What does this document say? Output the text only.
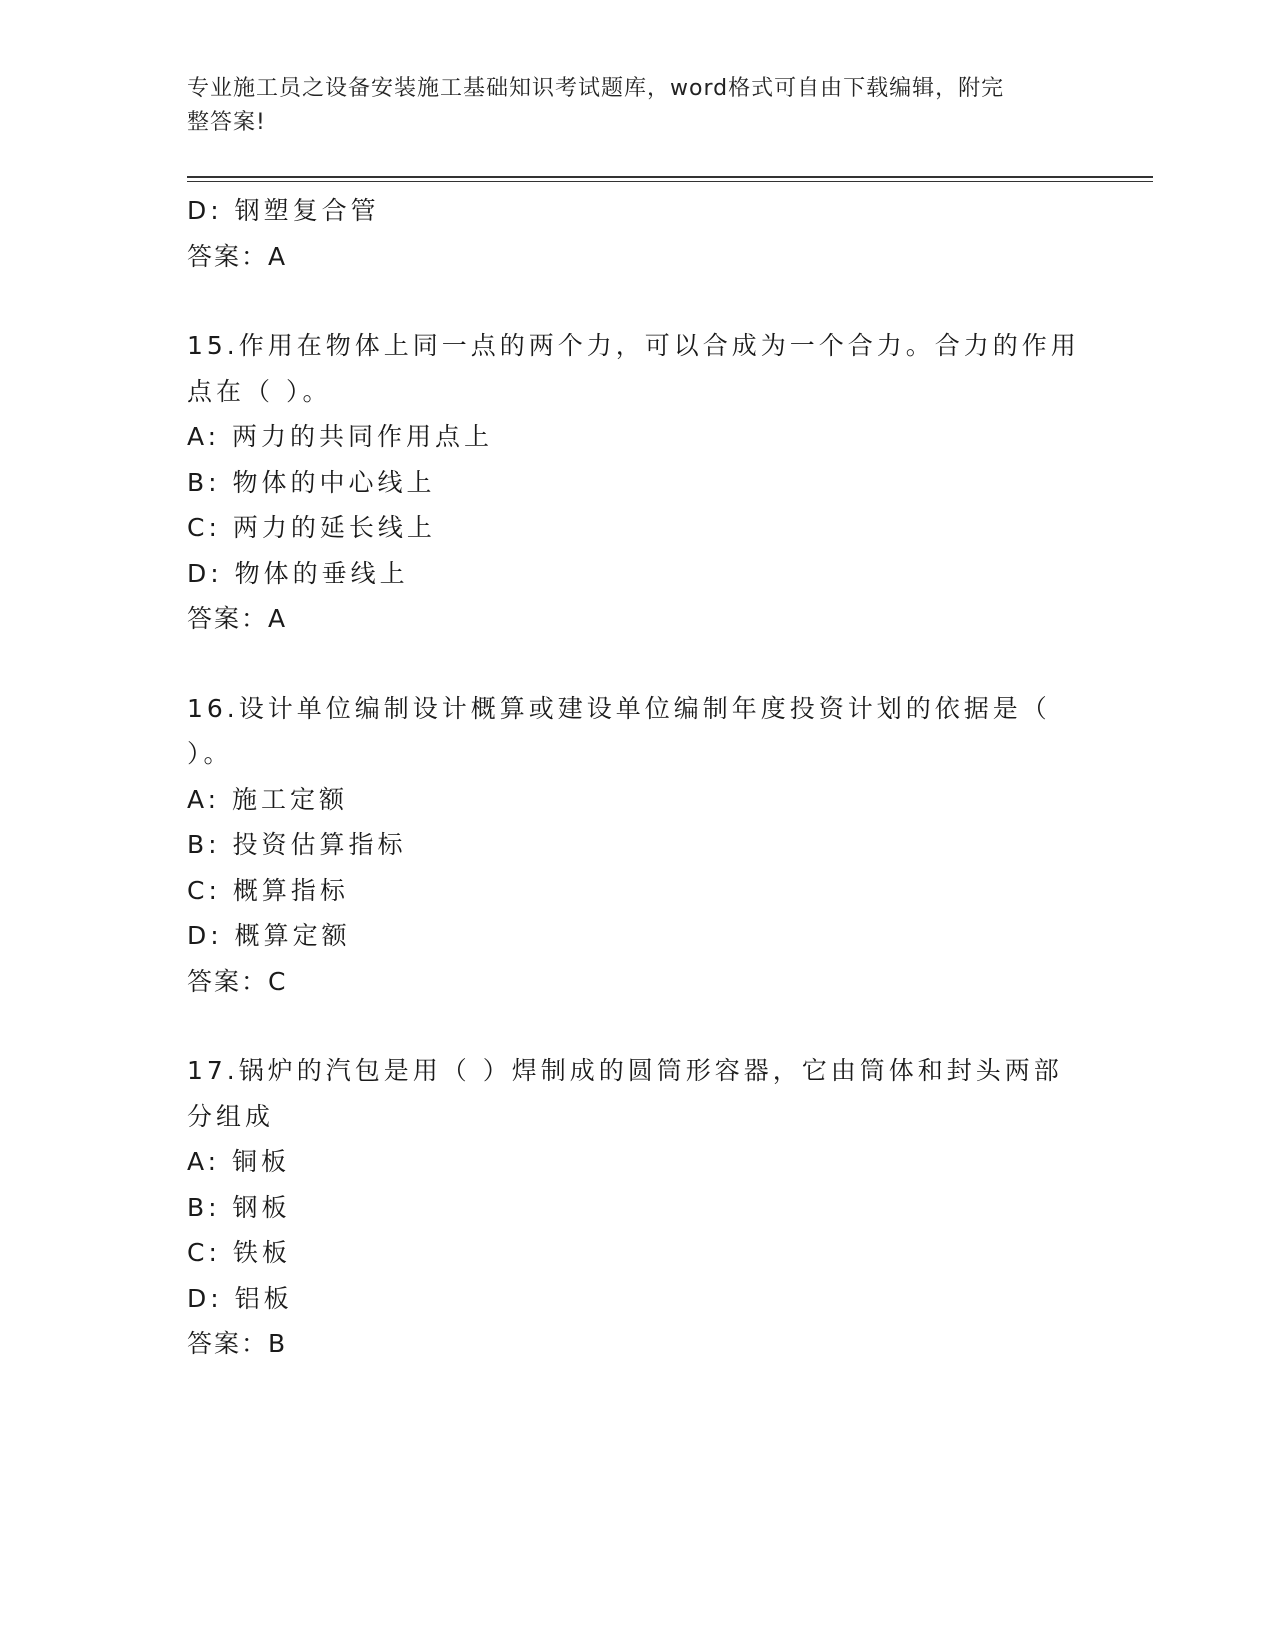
专业施工员之设备安装施工基础知识考试题库，word格式可自由下载编辑，附完
整答案!
D: 钢塑复合管
答案：A
15.作用在物体上同一点的两个力，可以合成为一个合力。合力的作用
点在（ ）。
A: 两力的共同作用点上
B: 物体的中心线上
C: 两力的延长线上
D: 物体的垂线上
答案：A
16.设计单位编制设计概算或建设单位编制年度投资计划的依据是（
）。
A: 施工定额
B: 投资估算指标
C: 概算指标
D: 概算定额
答案：C
17.锅炉的汽包是用（ ）焊制成的圆筒形容器，它由筒体和封头两部
分组成
A: 铜板
B: 钢板
C: 铁板
D: 铝板
答案：B
